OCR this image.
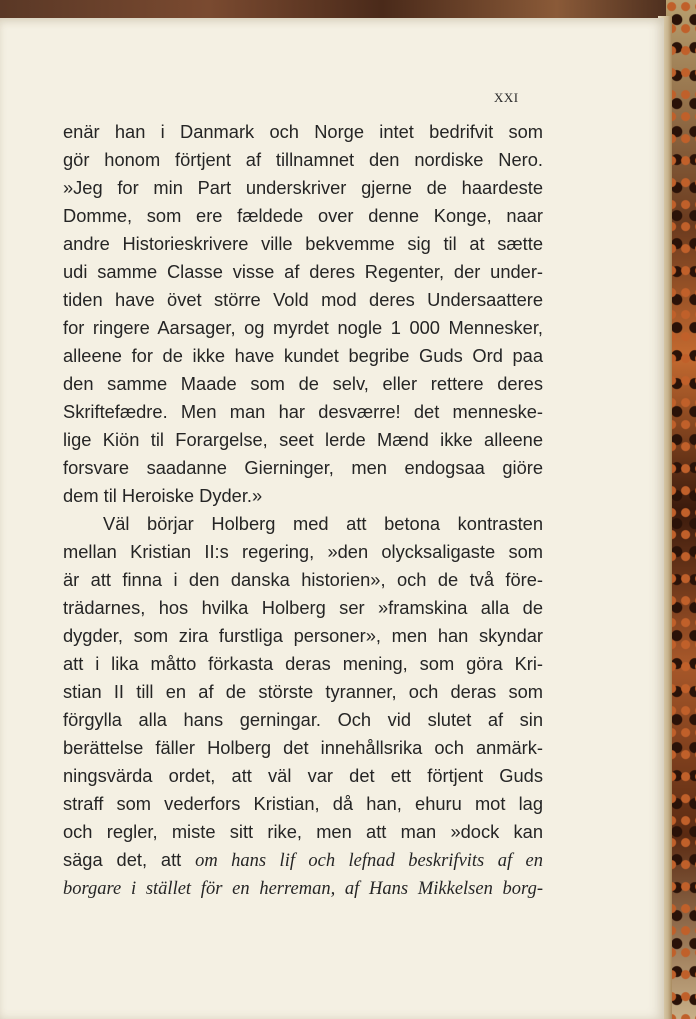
XXI
enär han i Danmark och Norge intet bedrifvit som
gör honom förtjent af tillnamnet den nordiske Nero.
»Jeg for min Part underskriver gjerne de haardeste
Domme, som ere fældede over denne Konge, naar
andre Historieskrivere ville bekvemme sig til at sætte
udi samme Classe visse af deres Regenter, der under-
tiden have övet större Vold mod deres Undersaattere
for ringere Aarsager, og myrdet nogle 1 000 Mennesker,
alleene for de ikke have kundet begribe Guds Ord paa
den samme Maade som de selv, eller rettere deres
Skriftefædre. Men man har desværre! det menneske-
lige Kiön til Forargelse, seet lerde Mænd ikke alleene
forsvare saadanne Gierninger, men endogsaa giöre
dem til Heroiske Dyder.»
Väl börjar Holberg med att betona kontrasten
mellan Kristian II:s regering, »den olycksaligaste som
är att finna i den danska historien», och de två före-
trädarnes, hos hvilka Holberg ser »framskina alla de
dygder, som zira furstliga personer», men han skyndar
att i lika måtto förkasta deras mening, som göra Kri-
stian II till en af de störste tyranner, och deras som
förgylla alla hans gerningar. Och vid slutet af sin
berättelse fäller Holberg det innehållsrika och anmärk-
ningsvärda ordet, att väl var det ett förtjent Guds
straff som vederfors Kristian, då han, ehuru mot lag
och regler, miste sitt rike, men att man »dock kan
säga det, att om hans lif och lefnad beskrifvits af en
borgare i stället för en herreman, af Hans Mikkelsen borg-
